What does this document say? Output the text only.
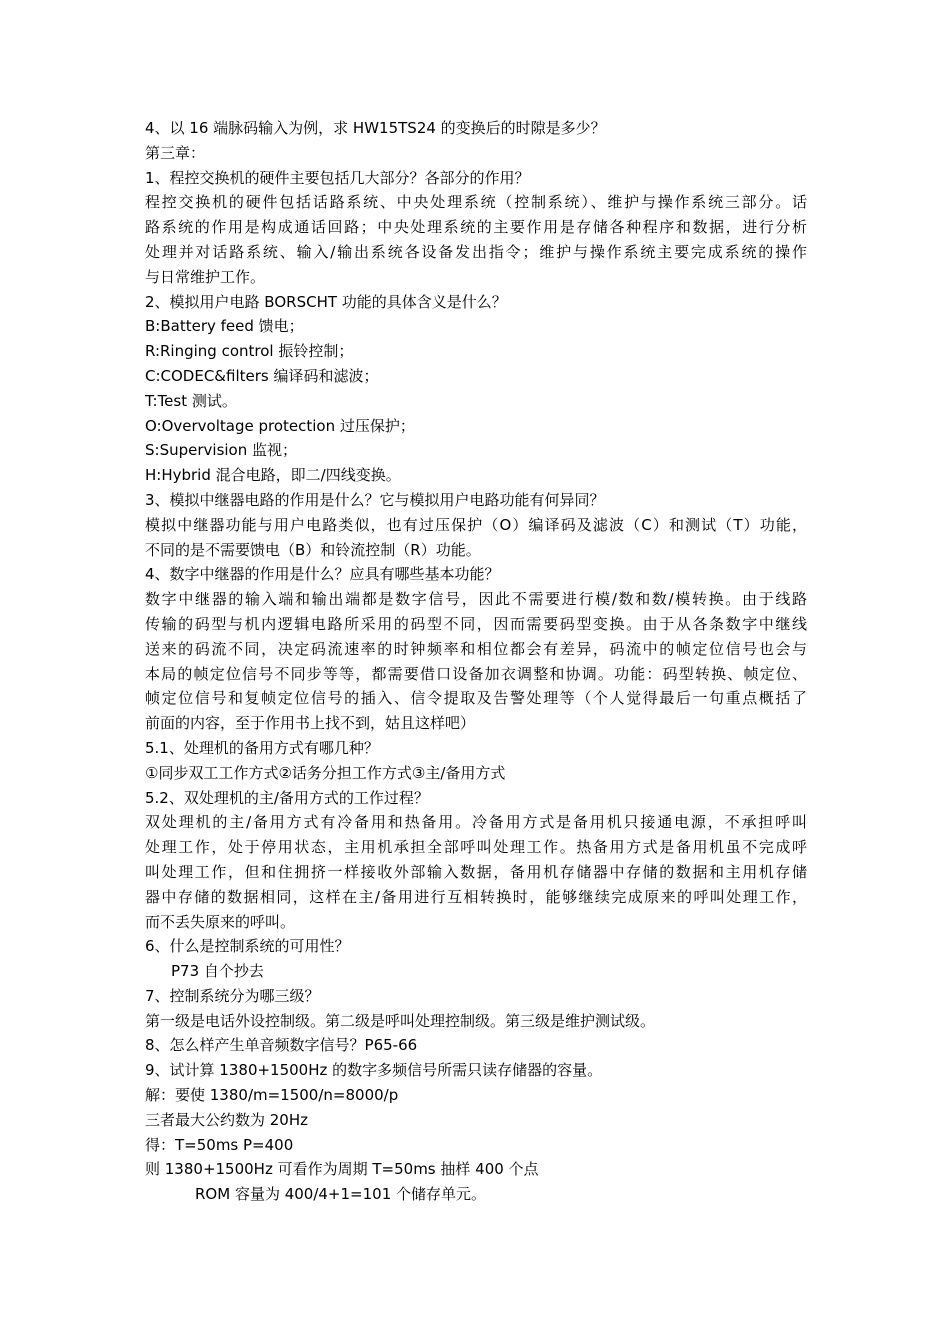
4、以 16 端脉码输入为例，求 HW15TS24 的变换后的时隙是多少？

第三章：

1、程控交换机的硬件主要包括几大部分？各部分的作用？

程控交换机的硬件包括话路系统、中央处理系统（控制系统）、维护与操作系统三部分。话

路系统的作用是构成通话回路；中央处理系统的主要作用是存储各种程序和数据，进行分析

处理并对话路系统、输入/输出系统各设备发出指令；维护与操作系统主要完成系统的操作

与日常维护工作。

2、模拟用户电路 BORSCHT 功能的具体含义是什么？

B:Battery feed 馈电；

R:Ringing control 振铃控制；

C:CODEC&filters 编译码和滤波；

T:Test 测试。

O:Overvoltage protection 过压保护；

S:Supervision 监视；

H:Hybrid 混合电路，即二/四线变换。

3、模拟中继器电路的作用是什么？它与模拟用户电路功能有何异同？

模拟中继器功能与用户电路类似，也有过压保护（O）编译码及滤波（C）和测试（T）功能，

不同的是不需要馈电（B）和铃流控制（R）功能。

4、数字中继器的作用是什么？应具有哪些基本功能？

数字中继器的输入端和输出端都是数字信号，因此不需要进行模/数和数/模转换。由于线路

传输的码型与机内逻辑电路所采用的码型不同，因而需要码型变换。由于从各条数字中继线

送来的码流不同，决定码流速率的时钟频率和相位都会有差异，码流中的帧定位信号也会与

本局的帧定位信号不同步等等，都需要借口设备加衣调整和协调。功能：码型转换、帧定位、

帧定位信号和复帧定位信号的插入、信令提取及告警处理等（个人觉得最后一句重点概括了

前面的内容，至于作用书上找不到，姑且这样吧）

5.1、处理机的备用方式有哪几种？

①同步双工工作方式②话务分担工作方式③主/备用方式

5.2、双处理机的主/备用方式的工作过程？

双处理机的主/备用方式有冷备用和热备用。冷备用方式是备用机只接通电源，不承担呼叫

处理工作，处于停用状态，主用机承担全部呼叫处理工作。热备用方式是备用机虽不完成呼

叫处理工作，但和住拥挤一样接收外部输入数据，备用机存储器中存储的数据和主用机存储

器中存储的数据相同，这样在主/备用进行互相转换时，能够继续完成原来的呼叫处理工作，

而不丢失原来的呼叫。

6、什么是控制系统的可用性？

P73 自个抄去

7、控制系统分为哪三级？

第一级是电话外设控制级。第二级是呼叫处理控制级。第三级是维护测试级。

8、怎么样产生单音频数字信号？P65-66

9、试计算 1380+1500Hz 的数字多频信号所需只读存储器的容量。

解：要使 1380/m=1500/n=8000/p

三者最大公约数为 20Hz

得：T=50ms P=400

则 1380+1500Hz 可看作为周期 T=50ms 抽样 400 个点

ROM 容量为 400/4+1=101 个储存单元。
